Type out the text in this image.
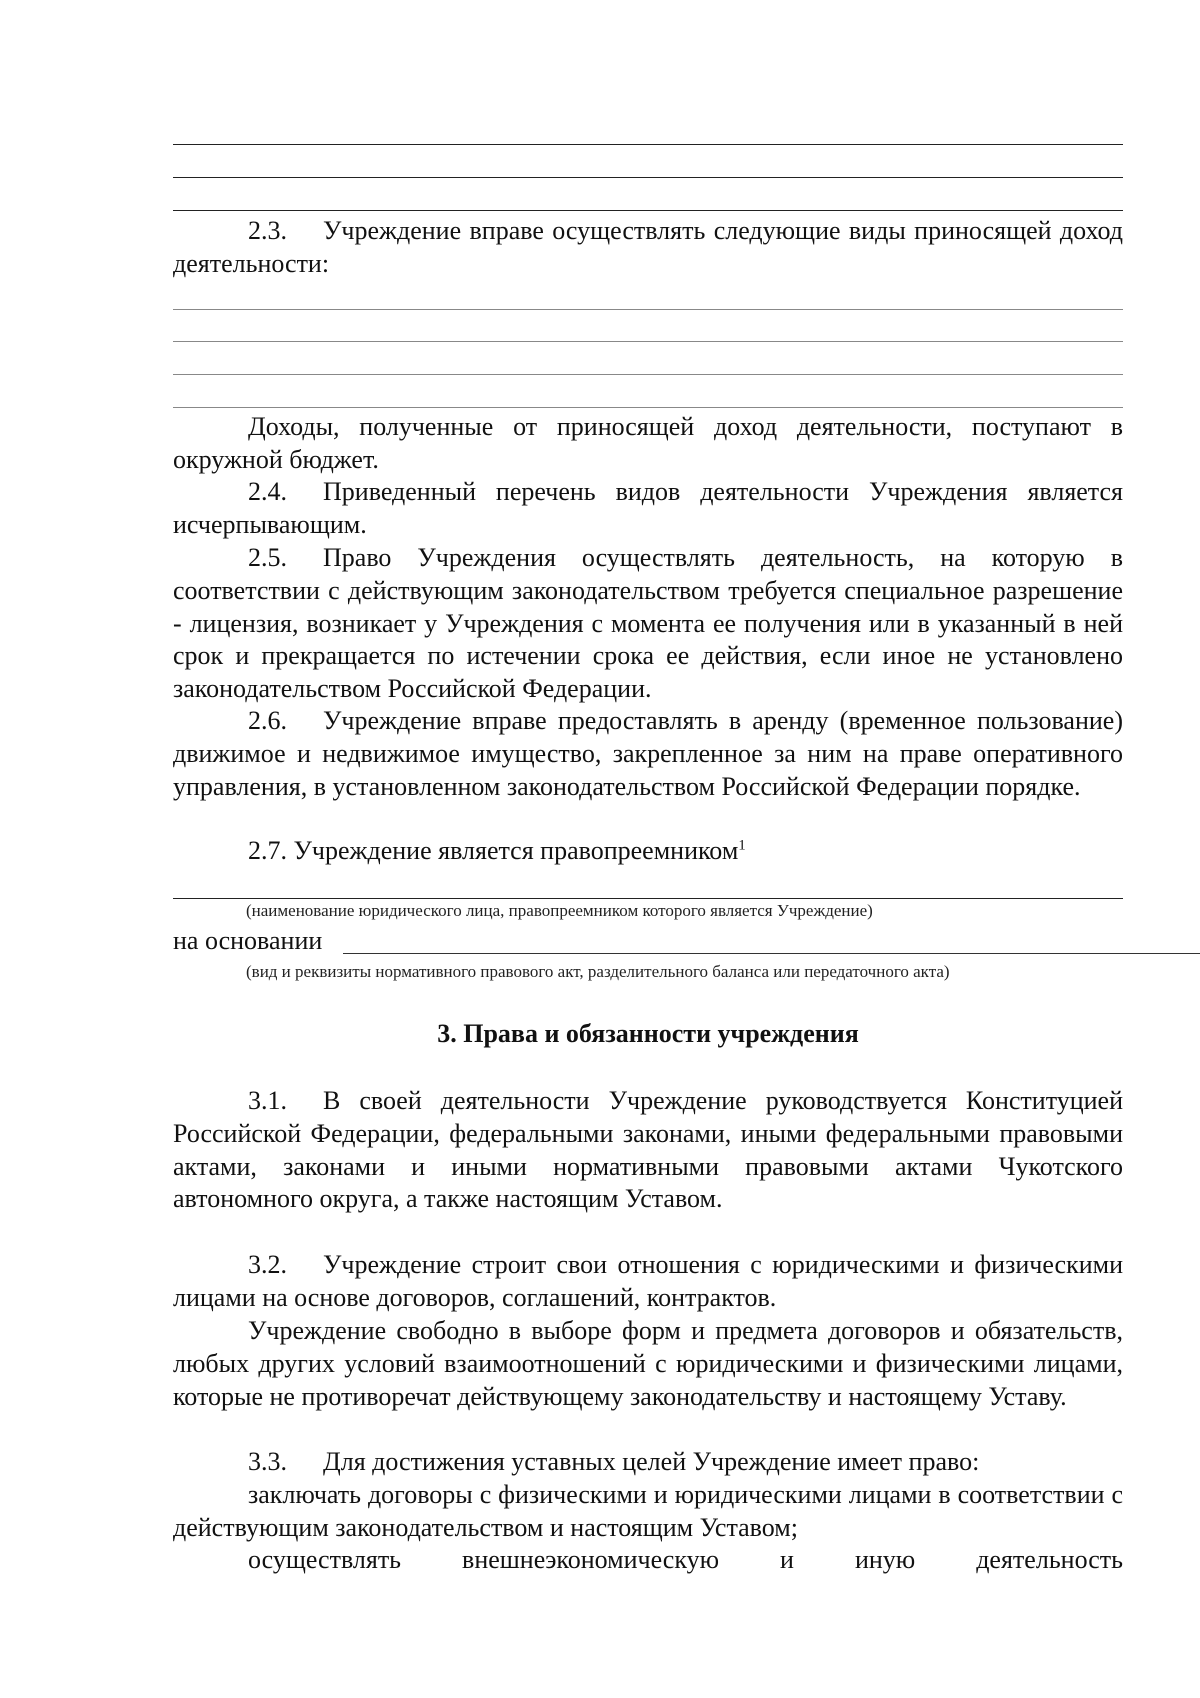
2.3. Учреждение вправе осуществлять следующие виды приносящей доход деятельности:

Доходы, полученные от приносящей доход деятельности, поступают в окружной бюджет.

2.4. Приведенный перечень видов деятельности Учреждения является исчерпывающим.

2.5. Право Учреждения осуществлять деятельность, на которую в соответствии с действующим законодательством требуется специальное разрешение - лицензия, возникает у Учреждения с момента ее получения или в указанный в ней срок и прекращается по истечении срока ее действия, если иное не установлено законодательством Российской Федерации.

2.6. Учреждение вправе предоставлять в аренду (временное пользование) движимое и недвижимое имущество, закрепленное за ним на праве оперативного управления, в установленном законодательством Российской Федерации порядке.

2.7. Учреждение является правопреемником$^1$

(наименование юридического лица, правопреемником которого является Учреждение)

на основании

(вид и реквизиты нормативного правового акт, разделительного баланса или передаточного акта)

3. Права и обязанности учреждения

3.1. В своей деятельности Учреждение руководствуется Конституцией Российской Федерации, федеральными законами, иными федеральными правовыми актами, законами и иными нормативными правовыми актами Чукотского автономного округа, а также настоящим Уставом.

3.2. Учреждение строит свои отношения с юридическими и физическими лицами на основе договоров, соглашений, контрактов.

Учреждение свободно в выборе форм и предмета договоров и обязательств, любых других условий взаимоотношений с юридическими и физическими лицами, которые не противоречат действующему законодательству и настоящему Уставу.

3.3. Для достижения уставных целей Учреждение имеет право:

заключать договоры с физическими и юридическими лицами в соответствии с действующим законодательством и настоящим Уставом;

осуществлять внешнеэкономическую и иную деятельность
